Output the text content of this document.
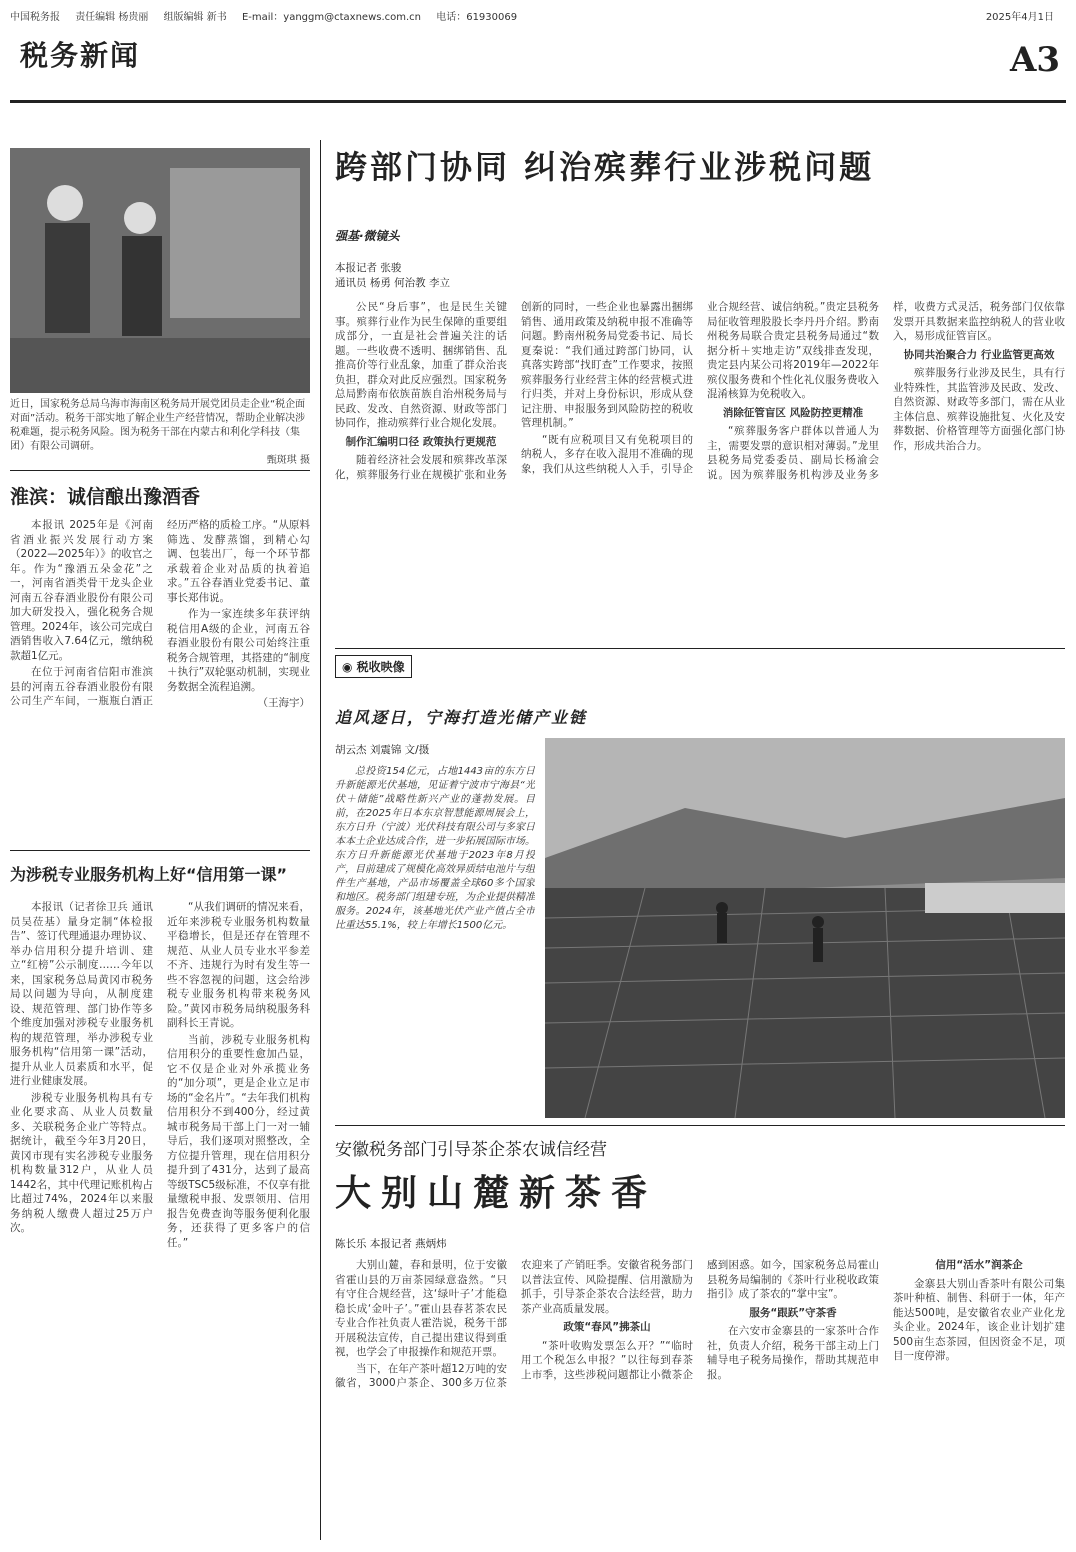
中国税务报 责任编辑 杨贵丽 组版编辑 新书 E-mail：yanggm@ctaxnews.com.cn 电话：61930069	2025年4月1日
税务新闻	A3
近日，国家税务总局乌海市海南区税务局开展党团员走企业“税企面对面”活动。税务干部实地了解企业生产经营情况，帮助企业解决涉税难题，提示税务风险。图为税务干部在内蒙古和利化学科技（集团）有限公司调研。
甄斑琪 摄
淮滨：诚信酿出豫酒香

本报讯 2025年是《河南省酒业振兴发展行动方案（2022—2025年）》的收官之年。作为“豫酒五朵金花”之一，河南省酒类骨干龙头企业河南五谷春酒业股份有限公司加大研发投入，强化税务合规管理。2024年，该公司完成白酒销售收入7.64亿元，缴纳税款超1亿元。

在位于河南省信阳市淮滨县的河南五谷春酒业股份有限公司生产车间，一瓶瓶白酒正经历严格的质检工序。“从原料筛选、发酵蒸馏，到精心勾调、包装出厂，每一个环节都承载着企业对品质的执着追求。”五谷春酒业党委书记、董事长郑伟说。

作为一家连续多年获评纳税信用A级的企业，河南五谷春酒业股份有限公司始终注重税务合规管理，其搭建的“制度＋执行”双轮驱动机制，实现业务数据全流程追溯。

（王海宇）

为涉税专业服务机构上好“信用第一课”

本报讯（记者徐卫兵 通讯员吴莅基）量身定制“体检报告”、签订代理通退办理协议、举办信用积分提升培训、建立“红榜”公示制度……今年以来，国家税务总局黄冈市税务局以问题为导向，从制度建设、规范管理、部门协作等多个维度加强对涉税专业服务机构的规范管理，举办涉税专业服务机构“信用第一课”活动，提升从业人员素质和水平，促进行业健康发展。

涉税专业服务机构具有专业化要求高、从业人员数量多、关联税务企业广等特点。据统计，截至今年3月20日，黄冈市现有实名涉税专业服务机构数量312户，从业人员1442名，其中代理记账机构占比超过74%，2024年以来服务纳税人缴费人超过25万户次。

“从我们调研的情况来看，近年来涉税专业服务机构数量平稳增长，但是还存在管理不规范、从业人员专业水平参差不齐、违规行为时有发生等一些不容忽视的问题，这会给涉税专业服务机构带来税务风险。”黄冈市税务局纳税服务科副科长王青说。

当前，涉税专业服务机构信用积分的重要性愈加凸显，它不仅是企业对外承揽业务的“加分项”，更是企业立足市场的“金名片”。“去年我们机构信用积分不到400分，经过黄城市税务局干部上门一对一辅导后，我们逐项对照整改，全方位提升管理，现在信用积分提升到了431分，达到了最高等级TSC5级标准，不仅享有批量缴税申报、发票领用、信用报告免费查询等服务便利化服务，还获得了更多客户的信任。”

跨部门协同 纠治殡葬行业涉税问题
强基·微镜头
本报记者 张骏
通讯员 杨勇 何治教 李立

公民“身后事”，也是民生关键事。殡葬行业作为民生保障的重要组成部分，一直是社会普遍关注的话题。一些收费不透明、捆绑销售、乱推高价等行业乱象，加重了群众治丧负担，群众对此反应强烈。国家税务总局黔南布依族苗族自治州税务局与民政、发改、自然资源、财政等部门协同作，推动殡葬行业合规化发展。

制作汇编明口径 政策执行更规范

随着经济社会发展和殡葬改革深化，殡葬服务行业在规模扩张和业务创新的同时，一些企业也暴露出捆绑销售、通用政策及纳税申报不准确等问题。黔南州税务局党委书记、局长夏秦说：“我们通过跨部门协同，认真落实跨部“找盯查”工作要求，按照殡葬服务行业经营主体的经营模式进行归类，并对上身份标识，形成从登记注册、申报服务到风险防控的税收管理机制。”

“既有应税项目又有免税项目的纳税人，多存在收入混用不准确的现象，我们从这些纳税人入手，引导企业合规经营、诚信纳税。”贵定县税务局征收管理股股长李丹丹介绍。黔南州税务局联合贵定县税务局通过“数据分析＋实地走访”双线排查发现，贵定县内某公司将2019年—2022年殡仪服务费和个性化礼仪服务费收入混淆核算为免税收入。

消除征管盲区 风险防控更精准

“殡葬服务客户群体以普通人为主，需要发票的意识相对薄弱。”龙里县税务局党委委员、副局长杨渝会说。因为殡葬服务机构涉及业务多样，收费方式灵活，税务部门仅依靠发票开具数据来监控纳税人的营业收入，易形成征管盲区。

协同共治聚合力 行业监管更高效

殡葬服务行业涉及民生，具有行业特殊性，其监管涉及民政、发改、自然资源、财政等多部门，需在从业主体信息、殡葬设施批复、火化及安葬数据、价格管理等方面强化部门协作，形成共治合力。

◉ 税收映像
追风逐日，宁海打造光储产业链
胡云杰 刘震锦 文/摄

总投资154亿元，占地1443亩的东方日升新能源光伏基地，见证着宁波市宁海县“光伏＋储能”战略性新兴产业的蓬勃发展。目前，在2025年日本东京智慧能源周展会上，东方日升（宁波）光伏科技有限公司与多家日本本土企业达成合作，进一步拓展国际市场。东方日升新能源光伏基地于2023年8月投产，目前建成了规模化高效异质结电池片与组件生产基地，产品市场覆盖全球60多个国家和地区。税务部门组建专班，为企业提供精准服务。2024年，该基地光伏产业产值占全市比重达55.1%，较上年增长1500亿元。

安徽税务部门引导茶企茶农诚信经营
大别山麓新茶香
陈长乐 本报记者 燕炳炜

大别山麓，春和景明，位于安徽省霍山县的万亩茶园绿意盎然。“只有守住合规经营，这‘绿叶子’才能稳稳长成‘金叶子’。”霍山县春茗茶农民专业合作社负责人霍浩说，税务干部开展税法宣传，自己提出建议得到重视，也学会了申报操作和规范开票。

当下，在年产茶叶超12万吨的安徽省，3000户茶企、300多万位茶农迎来了产销旺季。安徽省税务部门以普法宣传、风险提醒、信用激励为抓手，引导茶企茶农合法经营，助力茶产业高质量发展。

政策“春风”拂茶山

“茶叶收购发票怎么开？”“临时用工个税怎么申报？”以往每到春茶上市季，这些涉税问题都让小微茶企感到困惑。如今，国家税务总局霍山县税务局编制的《茶叶行业税收政策指引》成了茶农的“掌中宝”。

服务“跟跃”守茶香

在六安市金寨县的一家茶叶合作社，负责人介绍，税务干部主动上门辅导电子税务局操作，帮助其规范申报。

信用“活水”润茶企

金寨县大别山香茶叶有限公司集茶叶种植、制售、科研于一体，年产能达500吨，是安徽省农业产业化龙头企业。2024年，该企业计划扩建500亩生态茶园，但因资金不足，项目一度停滞。
